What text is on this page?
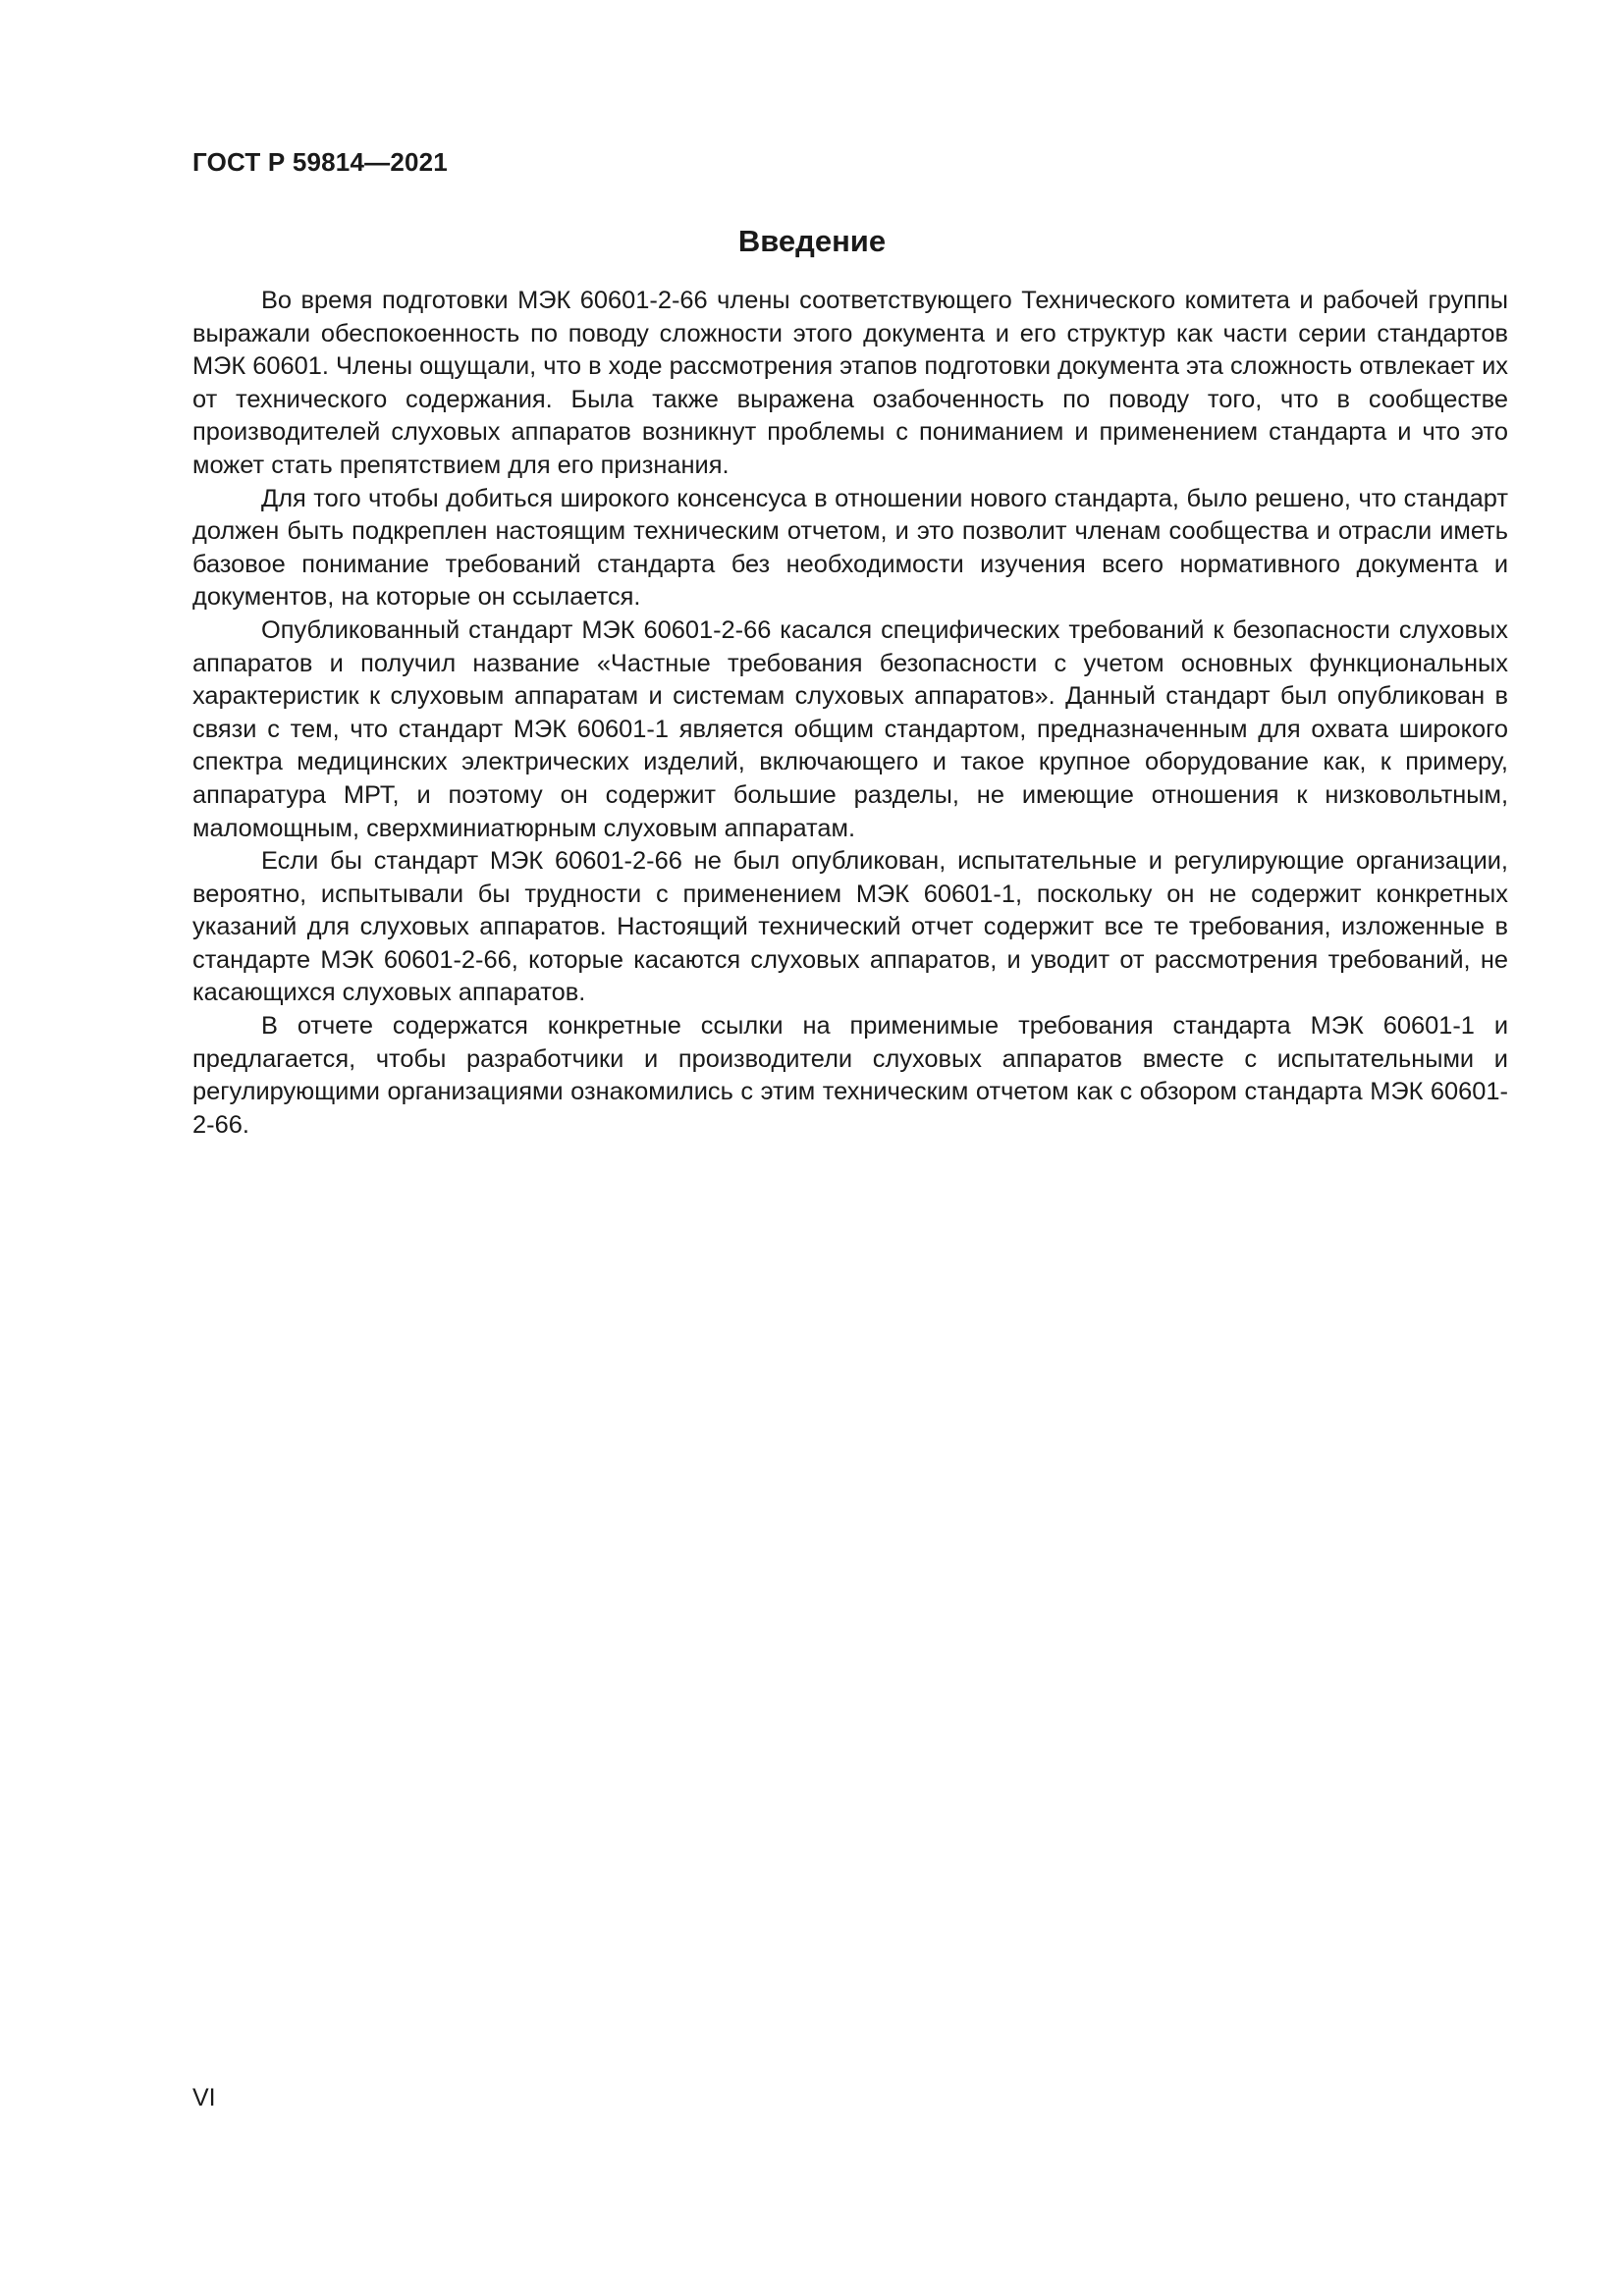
ГОСТ Р 59814—2021
Введение

Во время подготовки МЭК 60601-2-66 члены соответствующего Технического комитета и рабочей группы выражали обеспокоенность по поводу сложности этого документа и его структур как части серии стандартов МЭК 60601. Члены ощущали, что в ходе рассмотрения этапов подготовки документа эта сложность отвлекает их от технического содержания. Была также выражена озабоченность по поводу того, что в сообществе производителей слуховых аппаратов возникнут проблемы с пониманием и применением стандарта и что это может стать препятствием для его признания.

Для того чтобы добиться широкого консенсуса в отношении нового стандарта, было решено, что стандарт должен быть подкреплен настоящим техническим отчетом, и это позволит членам сообщества и отрасли иметь базовое понимание требований стандарта без необходимости изучения всего нормативного документа и документов, на которые он ссылается.

Опубликованный стандарт МЭК 60601-2-66 касался специфических требований к безопасности слуховых аппаратов и получил название «Частные требования безопасности с учетом основных функциональных характеристик к слуховым аппаратам и системам слуховых аппаратов». Данный стандарт был опубликован в связи с тем, что стандарт МЭК 60601-1 является общим стандартом, предназначенным для охвата широкого спектра медицинских электрических изделий, включающего и такое крупное оборудование как, к примеру, аппаратура МРТ, и поэтому он содержит большие разделы, не имеющие отношения к низковольтным, маломощным, сверхминиатюрным слуховым аппаратам.

Если бы стандарт МЭК 60601-2-66 не был опубликован, испытательные и регулирующие организации, вероятно, испытывали бы трудности с применением МЭК 60601-1, поскольку он не содержит конкретных указаний для слуховых аппаратов. Настоящий технический отчет содержит все те требования, изложенные в стандарте МЭК 60601-2-66, которые касаются слуховых аппаратов, и уводит от рассмотрения требований, не касающихся слуховых аппаратов.

В отчете содержатся конкретные ссылки на применимые требования стандарта МЭК 60601-1 и предлагается, чтобы разработчики и производители слуховых аппаратов вместе с испытательными и регулирующими организациями ознакомились с этим техническим отчетом как с обзором стандарта МЭК 60601-2-66.

VI
